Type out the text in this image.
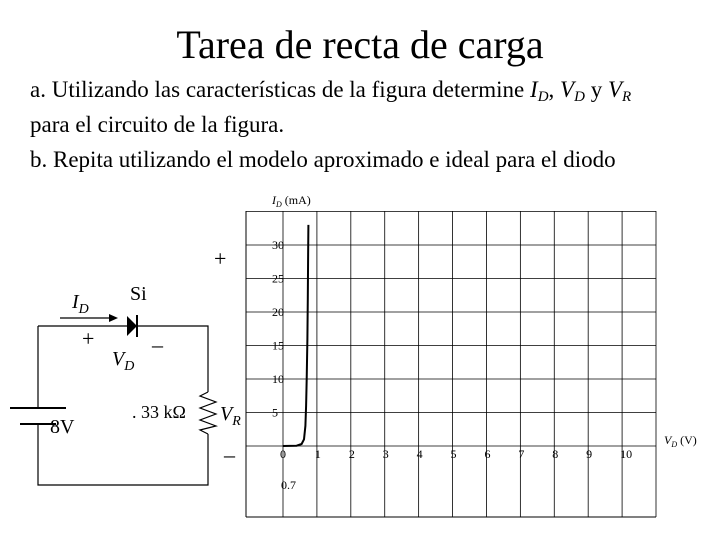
Tarea de recta de carga
a. Utilizando las características de la figura determine $I_D$, $V_D$ y $V_R$
para el circuito de la figura.
b. Repita utilizando el modelo aproximado e ideal para el diodo
$I_D$
Si
+
+	–
$V_D$
8V
. 33 kΩ $V_R$
–	0 1 2 3 4 5 6 7 8 9 10
5
10
15
20
25
30
$I_D$ (mA)
$V_D$ (V)
0.7
